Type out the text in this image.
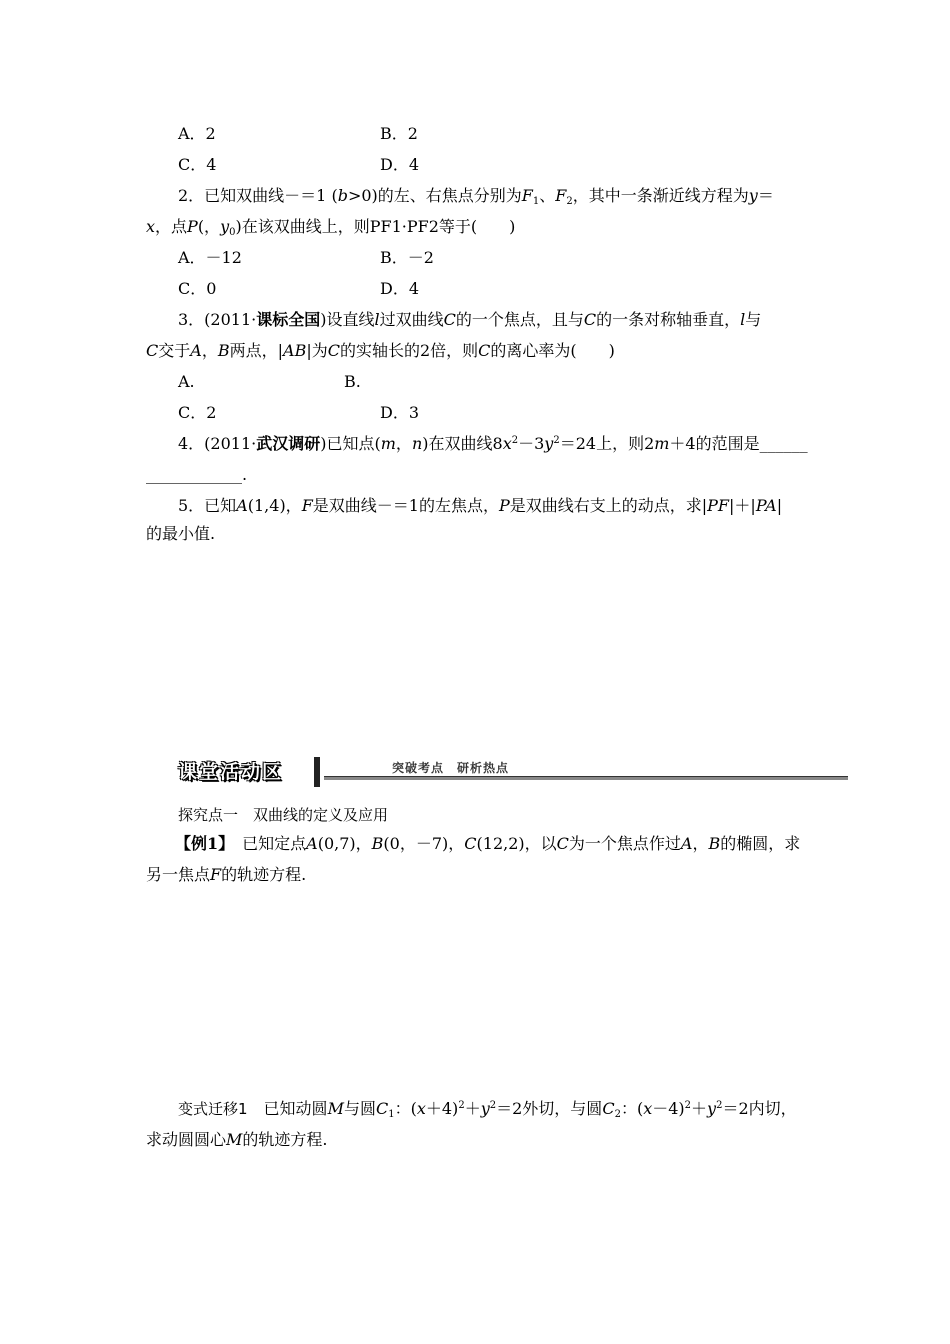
A．2	B．2
C．4	D．4
2．已知双曲线－＝1 (b>0)的左、右焦点分别为$F_1$、$F_2$，其中一条渐近线方程为y＝
x，点P(，$y_0$)在该双曲线上，则PF1·PF2等于(　　)
A．－12	B．－2
C．0	D．4
3．(2011·课标全国)设直线l过双曲线C的一个焦点，且与C的一条对称轴垂直，l与
C交于A，B两点，|AB|为C的实轴长的2倍，则C的离心率为(　　)
A.	B.
C．2	D．3
4．(2011·武汉调研)已知点(m，n)在双曲线$8x^2-3y^2=24$上，则2m＋4的范围是______
____________.
5．已知A(1,4)，F是双曲线－＝1的左焦点，P是双曲线右支上的动点，求|PF|＋|PA|
的最小值.
课堂活动区	突破考点　研析热点
探究点一　双曲线的定义及应用
【例1】　已知定点A(0,7)，B(0，－7)，C(12,2)，以C为一个焦点作过A，B的椭圆，求
另一焦点F的轨迹方程.
变式迁移1　已知动圆M与圆$C_1$：$(x+4)^2+y^2=2$外切，与圆$C_2$：$(x-4)^2+y^2=2$内切，
求动圆圆心M的轨迹方程.
